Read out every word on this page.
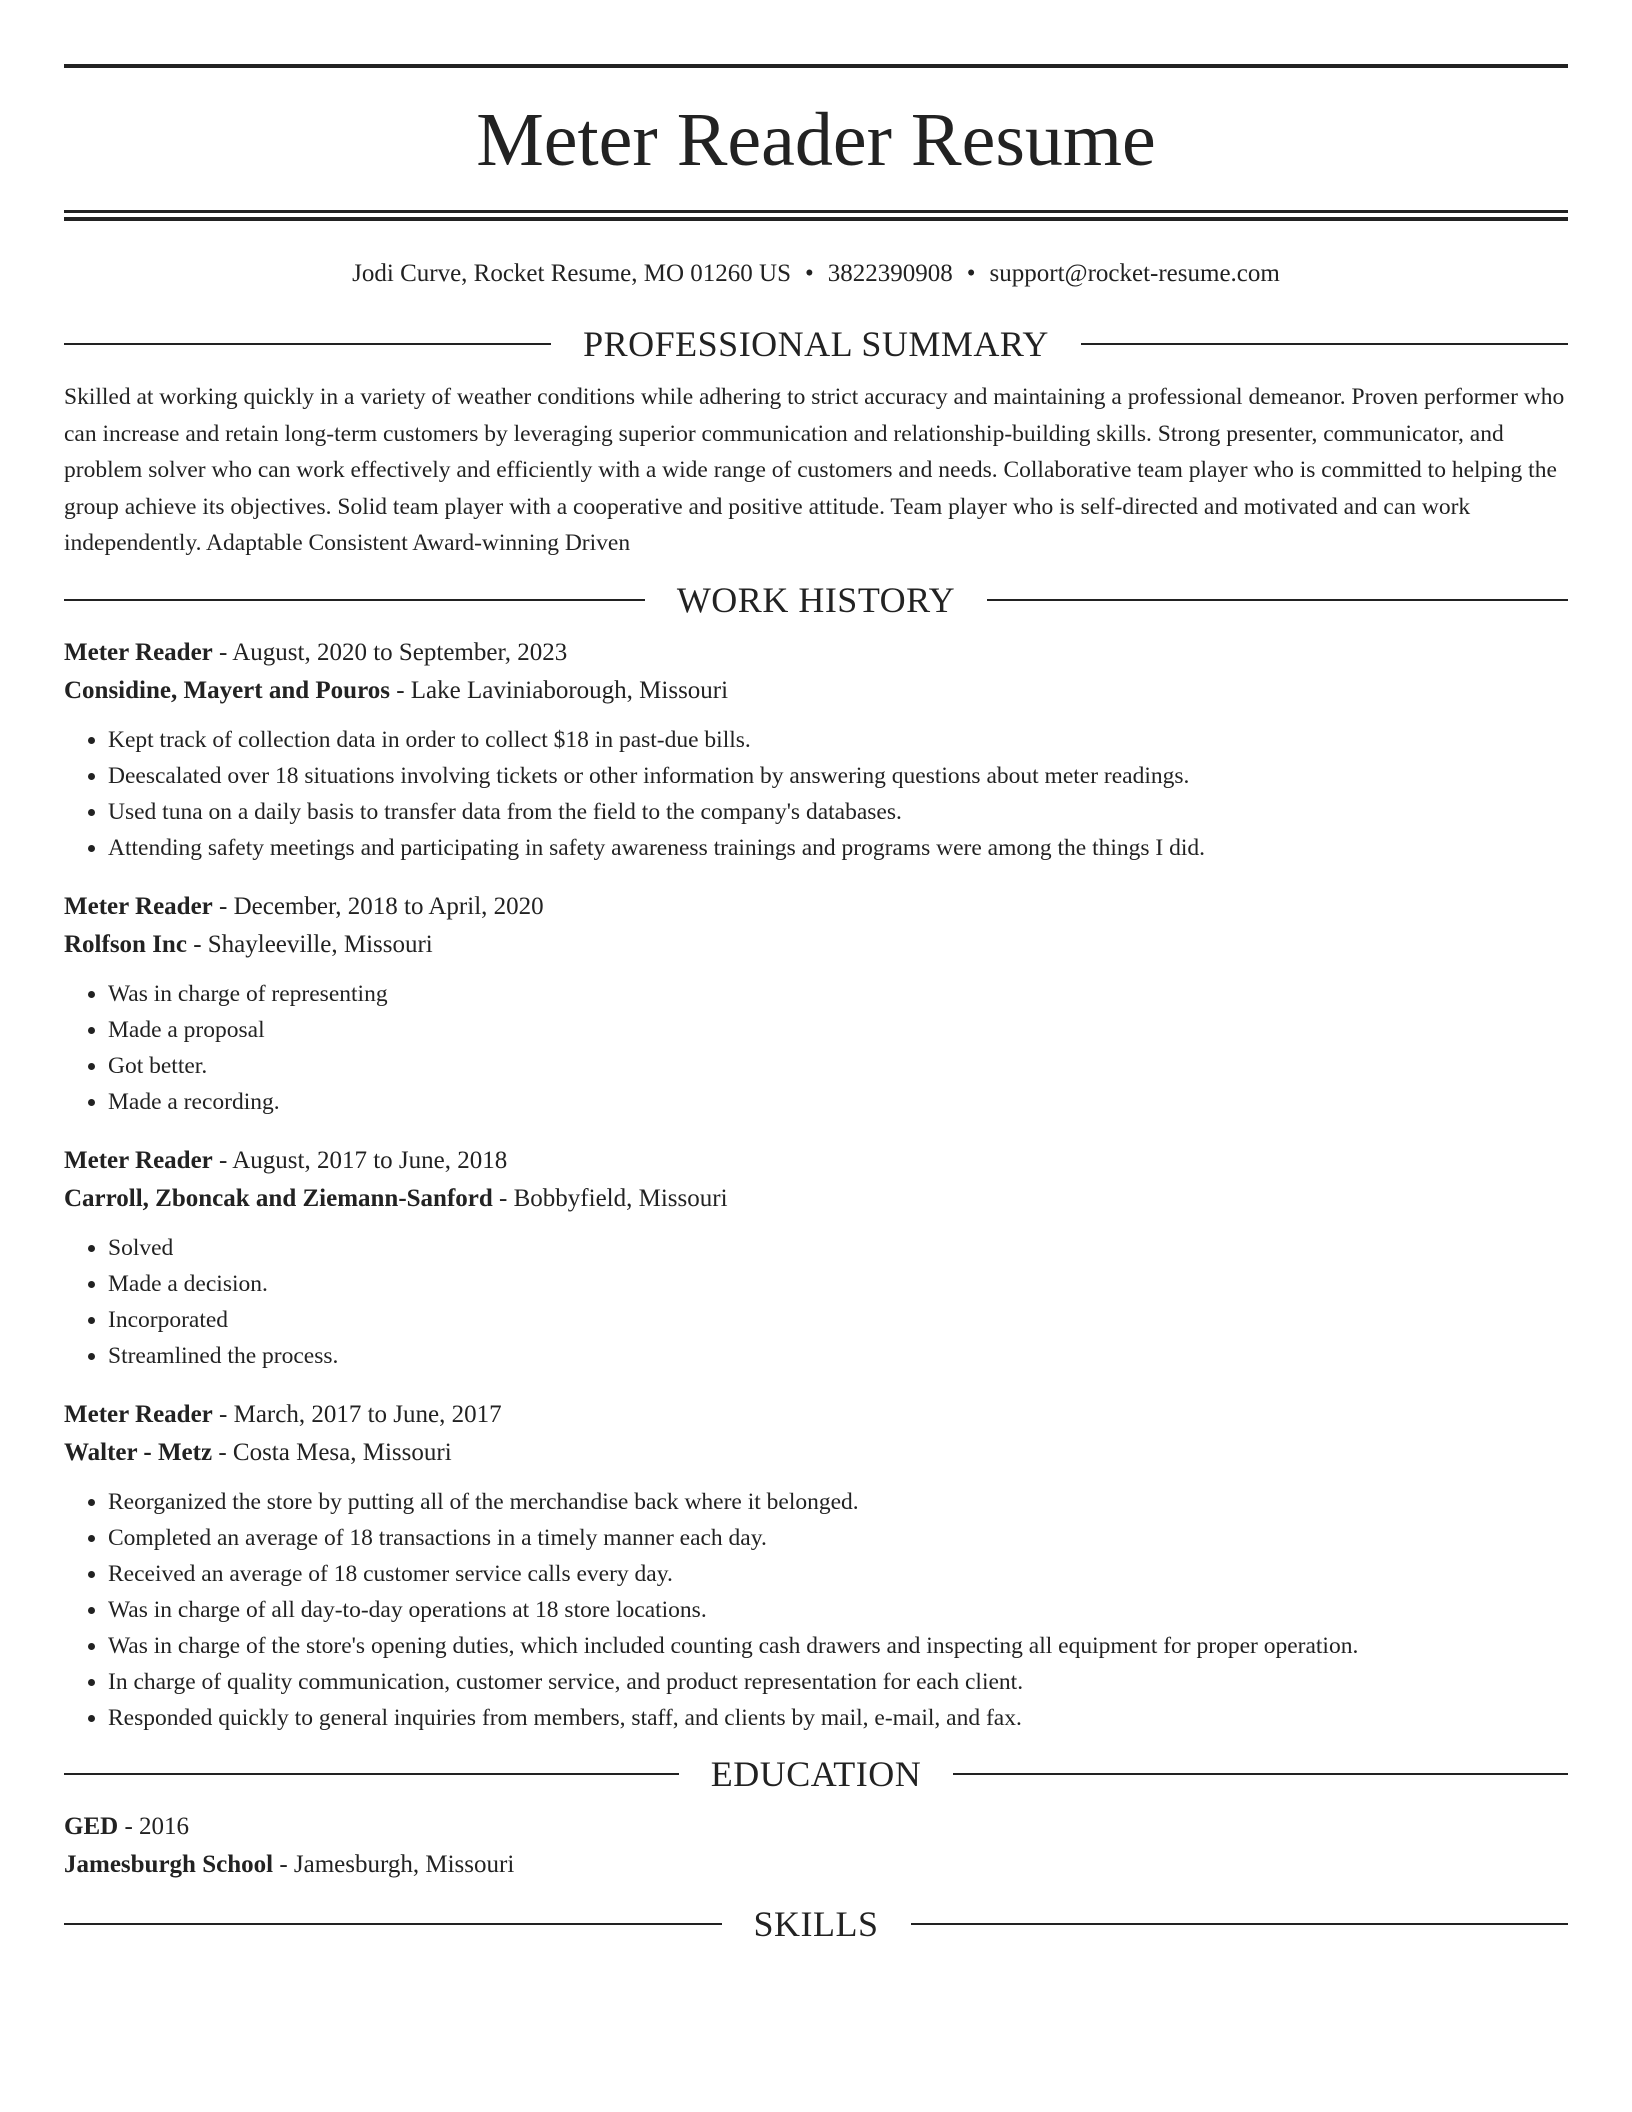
Meter Reader Resume

Jodi Curve, Rocket Resume, MO 01260 US • 3822390908 • support@rocket-resume.com

PROFESSIONAL SUMMARY

Skilled at working quickly in a variety of weather conditions while adhering to strict accuracy and maintaining a professional demeanor. Proven performer who can increase and retain long-term customers by leveraging superior communication and relationship-building skills. Strong presenter, communicator, and problem solver who can work effectively and efficiently with a wide range of customers and needs. Collaborative team player who is committed to helping the group achieve its objectives. Solid team player with a cooperative and positive attitude. Team player who is self-directed and motivated and can work independently. Adaptable Consistent Award-winning Driven

WORK HISTORY

Meter Reader - August, 2020 to September, 2023

Considine, Mayert and Pouros - Lake Laviniaborough, Missouri

• Kept track of collection data in order to collect $18 in past-due bills.
• Deescalated over 18 situations involving tickets or other information by answering questions about meter readings.
• Used tuna on a daily basis to transfer data from the field to the company's databases.
• Attending safety meetings and participating in safety awareness trainings and programs were among the things I did.

Meter Reader - December, 2018 to April, 2020

Rolfson Inc - Shayleeville, Missouri

• Was in charge of representing
• Made a proposal
• Got better.
• Made a recording.

Meter Reader - August, 2017 to June, 2018

Carroll, Zboncak and Ziemann-Sanford - Bobbyfield, Missouri

• Solved
• Made a decision.
• Incorporated
• Streamlined the process.

Meter Reader - March, 2017 to June, 2017

Walter - Metz - Costa Mesa, Missouri

• Reorganized the store by putting all of the merchandise back where it belonged.
• Completed an average of 18 transactions in a timely manner each day.
• Received an average of 18 customer service calls every day.
• Was in charge of all day-to-day operations at 18 store locations.
• Was in charge of the store's opening duties, which included counting cash drawers and inspecting all equipment for proper operation.
• In charge of quality communication, customer service, and product representation for each client.
• Responded quickly to general inquiries from members, staff, and clients by mail, e-mail, and fax.
EDUCATION

GED - 2016

Jamesburgh School - Jamesburgh, Missouri

SKILLS
